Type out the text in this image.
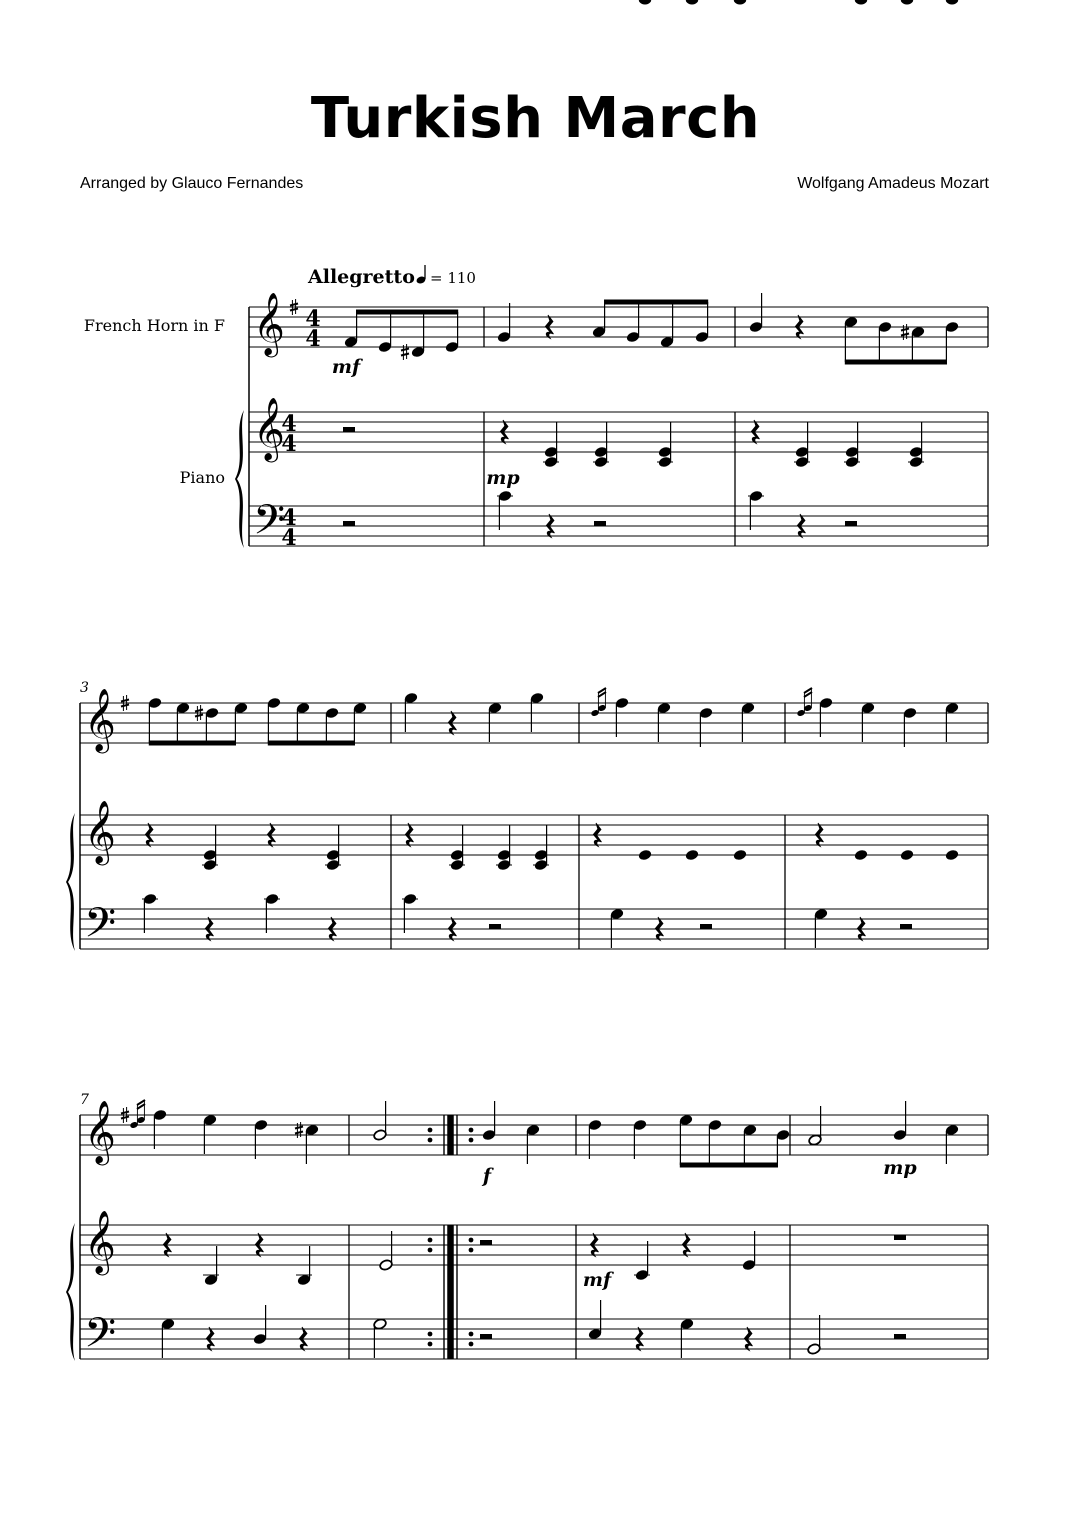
Turkish March
Arranged by Glauco Fernandes	Wolfgang Amadeus Mozart
Allegretto = 110
French Horn in F
Piano
3
7
mf
mp
f	mp
mf
𝄞
𝄞
𝄢
4
4
4
4
4
4
𝄞
𝄞
𝄢
𝄞
𝄞
𝄢
